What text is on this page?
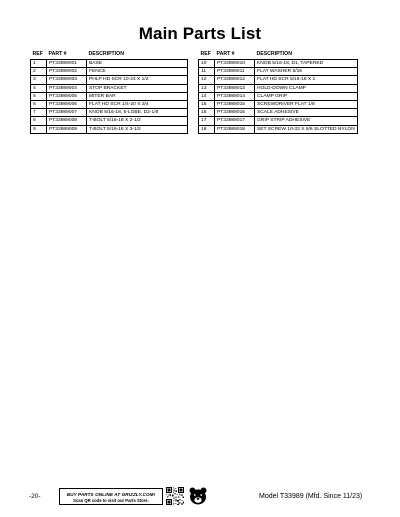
Main Parts List
REF	PART #	DESCRIPTION
1	PT33989001	BASE
2	PT33989002	FENCE
3	PT33989003	PHLP HD SCR 10-24 X 1/2
4	PT33989004	STOP BRACKET
5	PT33989005	MITER BAR
6	PT33989006	FLAT HD SCR 1/4-20 X 3/4
7	PT33989007	KNOB 5/16-18, 5-LOBE, D2-1/8
8	PT33989008	T-BOLT 5/16-18 X 2-1/2
9	PT33989009	T-BOLT 5/16-18 X 3-1/2
REF	PART #	DESCRIPTION
10	PT33989010	KNOB 5/16-18, D1, TAPERED
11	PT33989011	FLAT WASHER 5/16
12	PT33989012	FLAT HD SCR 5/16-18 X 1
13	PT33989013	HOLD-DOWN CLAMP
14	PT33989014	CLAMP GRIP
15	PT33989015	SCREWDRIVER FLAT 1/8
16	PT33989016	SCALE ADHESIVE
17	PT33989017	GRIP STRIP ADHESIVE
18	PT33989018	SET SCREW 10-32 X 5/8 SLOTTED NYLON
-20-	BUY PARTS ONLINE AT GRIZZLY.COM!
Scan QR code to visit our Parts Store.
Model T33989 (Mfd. Since 11/23)
